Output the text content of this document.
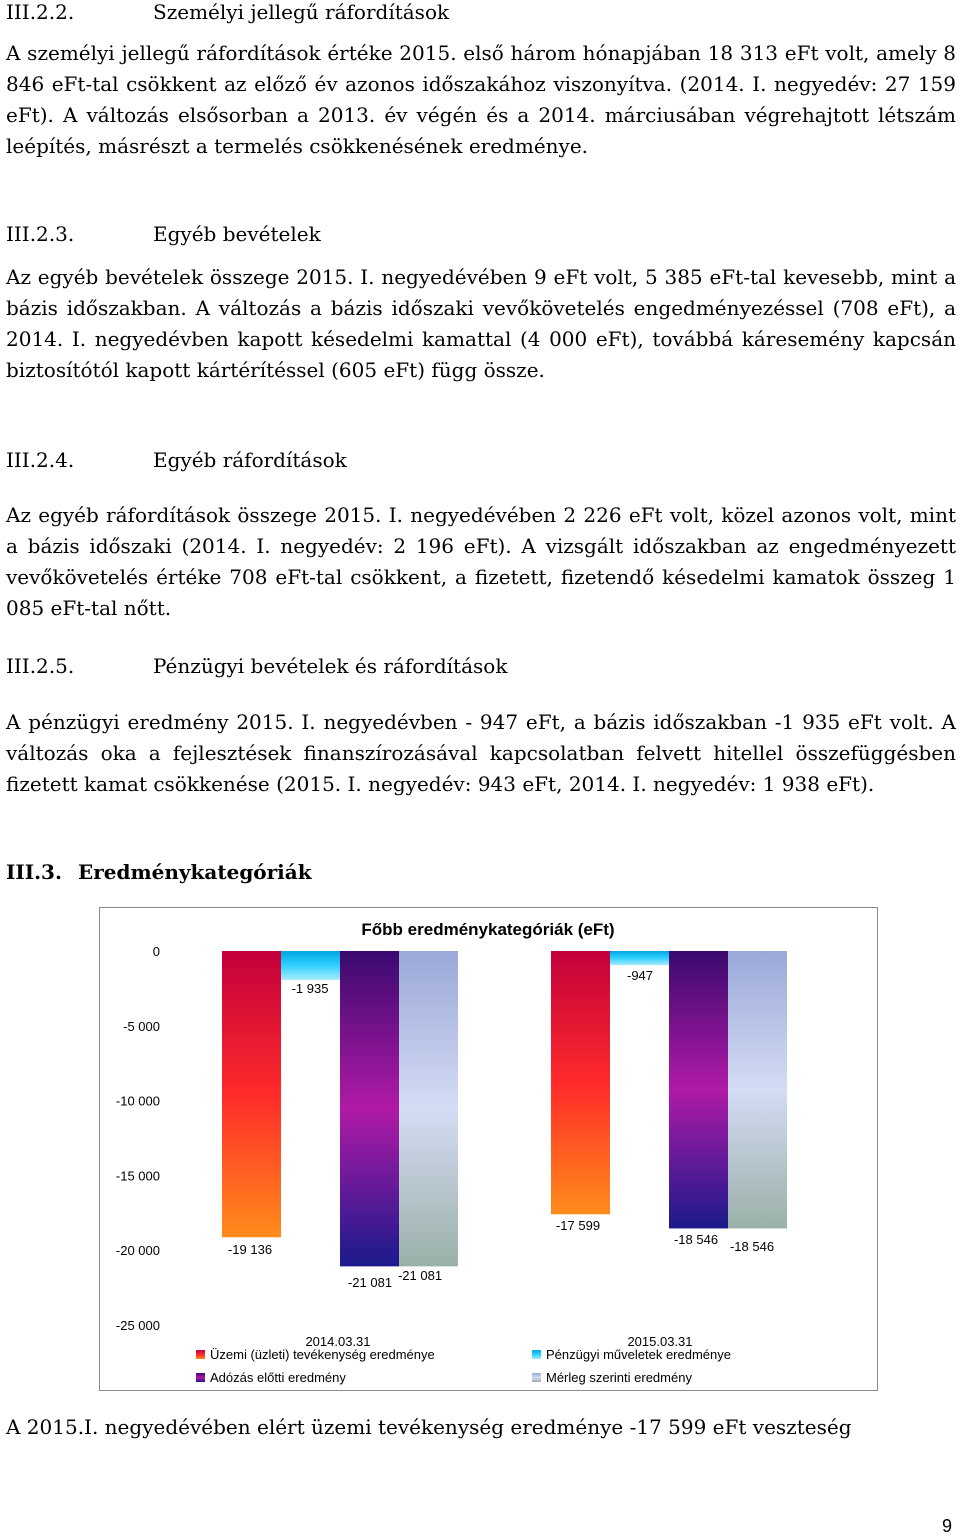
III.2.2.	Személyi jellegű ráfordítások
A személyi jellegű ráfordítások értéke 2015. első három hónapjában 18 313 eFt volt, amely 8 846 eFt-tal csökkent az előző év azonos időszakához viszonyítva. (2014. I. negyedév: 27 159 eFt). A változás elsősorban a 2013. év végén és a 2014. márciusában végrehajtott létszám leépítés, másrészt a termelés csökkenésének eredménye.
III.2.3.	Egyéb bevételek
Az egyéb bevételek összege 2015. I. negyedévében 9 eFt volt, 5 385 eFt-tal kevesebb, mint a bázis időszakban. A változás a bázis időszaki vevőkövetelés engedményezéssel (708 eFt), a 2014. I. negyedévben kapott késedelmi kamattal (4 000 eFt), továbbá káresemény kapcsán biztosítótól kapott kártérítéssel (605 eFt) függ össze.
III.2.4.	Egyéb ráfordítások
Az egyéb ráfordítások összege 2015. I. negyedévében 2 226 eFt volt, közel azonos volt, mint a bázis időszaki (2014. I. negyedév: 2 196 eFt). A vizsgált időszakban az engedményezett vevőkövetelés értéke 708 eFt-tal csökkent, a fizetett, fizetendő késedelmi kamatok összeg 1 085 eFt-tal nőtt.
III.2.5.	Pénzügyi bevételek és ráfordítások
A pénzügyi eredmény 2015. I. negyedévben - 947 eFt, a bázis időszakban -1 935 eFt volt. A változás oka a fejlesztések finanszírozásával kapcsolatban felvett hitellel összefüggésben fizetett kamat csökkenése (2015. I. negyedév: 943 eFt, 2014. I. negyedév: 1 938 eFt).
III.3. Eredménykategóriák
Főbb eredménykategóriák (eFt)
0
-5 000
-10 000
-15 000
-20 000
-25 000
-19 136
-1 935
-21 081 -21 081
-17 599
-947
-18 546 -18 546
2014.03.31	2015.03.31
Üzemi (üzleti) tevékenység eredménye	Pénzügyi műveletek eredménye
Adózás előtti eredmény	Mérleg szerinti eredmény
A 2015.I. negyedévében elért üzemi tevékenység eredménye -17 599 eFt veszteség
9
